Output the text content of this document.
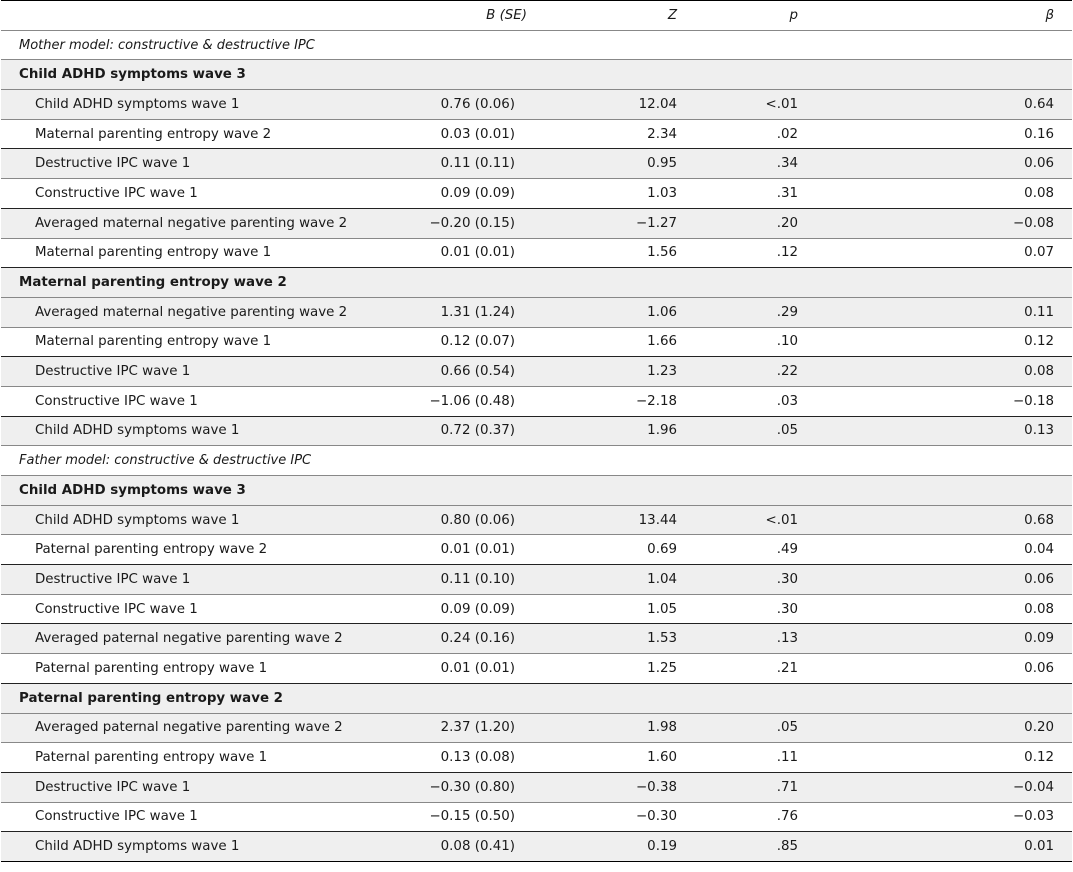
	B (SE)	Z	p	β
Mother model: constructive & destructive IPC				
Child ADHD symptoms wave 3				
Child ADHD symptoms wave 1	0.76 (0.06)	12.04	<.01	0.64
Maternal parenting entropy wave 2	0.03 (0.01)	2.34	.02	0.16
Destructive IPC wave 1	0.11 (0.11)	0.95	.34	0.06
Constructive IPC wave 1	0.09 (0.09)	1.03	.31	0.08
Averaged maternal negative parenting wave 2	−0.20 (0.15)	−1.27	.20	−0.08
Maternal parenting entropy wave 1	0.01 (0.01)	1.56	.12	0.07
Maternal parenting entropy wave 2				
Averaged maternal negative parenting wave 2	1.31 (1.24)	1.06	.29	0.11
Maternal parenting entropy wave 1	0.12 (0.07)	1.66	.10	0.12
Destructive IPC wave 1	0.66 (0.54)	1.23	.22	0.08
Constructive IPC wave 1	−1.06 (0.48)	−2.18	.03	−0.18
Child ADHD symptoms wave 1	0.72 (0.37)	1.96	.05	0.13
Father model: constructive & destructive IPC				
Child ADHD symptoms wave 3				
Child ADHD symptoms wave 1	0.80 (0.06)	13.44	<.01	0.68
Paternal parenting entropy wave 2	0.01 (0.01)	0.69	.49	0.04
Destructive IPC wave 1	0.11 (0.10)	1.04	.30	0.06
Constructive IPC wave 1	0.09 (0.09)	1.05	.30	0.08
Averaged paternal negative parenting wave 2	0.24 (0.16)	1.53	.13	0.09
Paternal parenting entropy wave 1	0.01 (0.01)	1.25	.21	0.06
Paternal parenting entropy wave 2				
Averaged paternal negative parenting wave 2	2.37 (1.20)	1.98	.05	0.20
Paternal parenting entropy wave 1	0.13 (0.08)	1.60	.11	0.12
Destructive IPC wave 1	−0.30 (0.80)	−0.38	.71	−0.04
Constructive IPC wave 1	−0.15 (0.50)	−0.30	.76	−0.03
Child ADHD symptoms wave 1	0.08 (0.41)	0.19	.85	0.01
